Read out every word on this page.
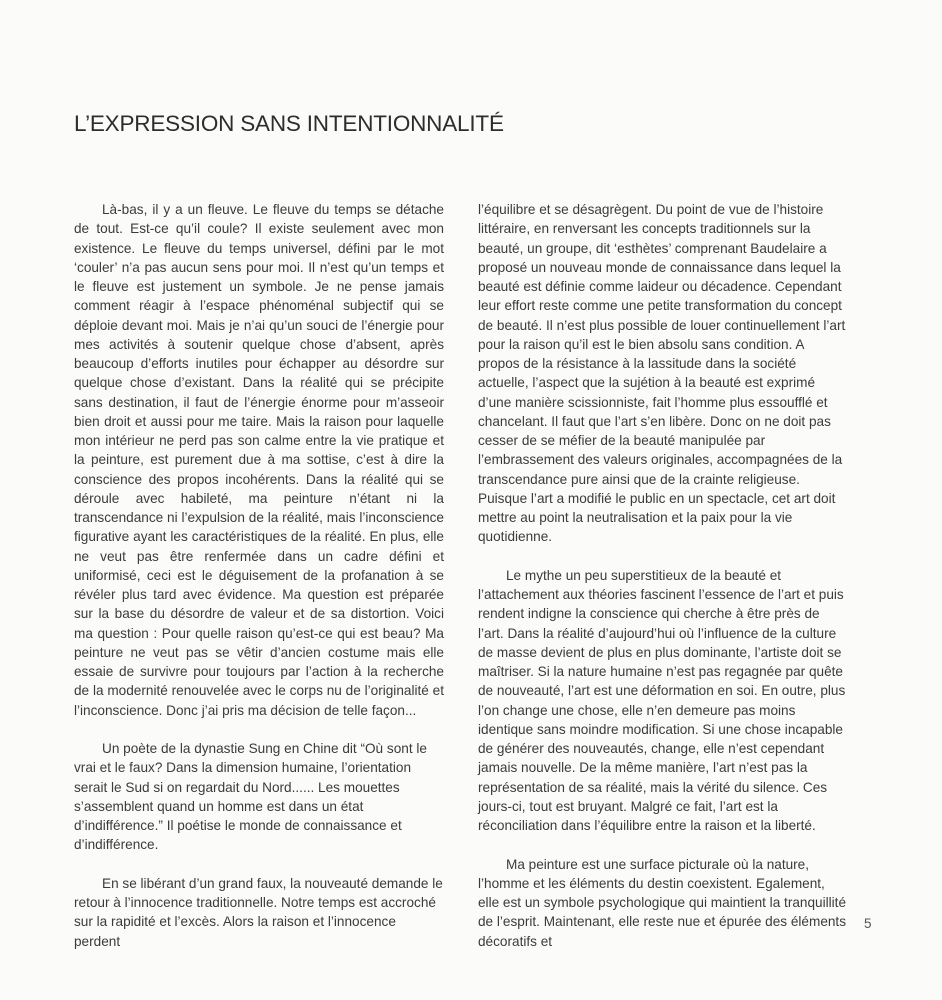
L’EXPRESSION SANS INTENTIONNALITÉ

Là-bas, il y a un fleuve. Le fleuve du temps se détache de tout. Est-ce qu’il coule? Il existe seulement avec mon existence. Le fleuve du temps universel, défini par le mot ‘couler’ n’a pas aucun sens pour moi. Il n’est qu’un temps et le fleuve est justement un symbole. Je ne pense jamais comment réagir à l’espace phénoménal subjectif qui se déploie devant moi. Mais je n’ai qu’un souci de l’énergie pour mes activités à soutenir quelque chose d’absent, après beaucoup d’efforts inutiles pour échapper au désordre sur quelque chose d’existant. Dans la réalité qui se précipite sans destination, il faut de l’énergie énorme pour m’asseoir bien droit et aussi pour me taire. Mais la raison pour laquelle mon intérieur ne perd pas son calme entre la vie pratique et la peinture, est purement due à ma sottise, c’est à dire la conscience des propos incohérents. Dans la réalité qui se déroule avec habileté, ma peinture n’étant ni la transcendance ni l’expulsion de la réalité, mais l’inconscience figurative ayant les caractéristiques de la réalité. En plus, elle ne veut pas être renfermée dans un cadre défini et uniformisé, ceci est le déguisement de la profanation à se révéler plus tard avec évidence. Ma question est préparée sur la base du désordre de valeur et de sa distortion. Voici ma question : Pour quelle raison qu’est-ce qui est beau? Ma peinture ne veut pas se vêtir d’ancien costume mais elle essaie de survivre pour toujours par l’action à la recherche de la modernité renouvelée avec le corps nu de l’originalité et l’inconscience. Donc j’ai pris ma décision de telle façon...

Un poète de la dynastie Sung en Chine dit “Où sont le vrai et le faux? Dans la dimension humaine, l’orientation serait le Sud si on regardait du Nord...... Les mouettes s’assemblent quand un homme est dans un état d’indifférence.” Il poétise le monde de connaissance et d’indifférence.

En se libérant d’un grand faux, la nouveauté demande le retour à l’innocence traditionnelle. Notre temps est accroché sur la rapidité et l’excès. Alors la raison et l’innocence perdent

l’équilibre et se désagrègent. Du point de vue de l’histoire littéraire, en renversant les concepts traditionnels sur la beauté, un groupe, dit ‘esthètes’ comprenant Baudelaire a proposé un nouveau monde de connaissance dans lequel la beauté est définie comme laideur ou décadence. Cependant leur effort reste comme une petite transformation du concept de beauté. Il n’est plus possible de louer continuellement l’art pour la raison qu’il est le bien absolu sans condition. A propos de la résistance à la lassitude dans la société actuelle, l’aspect que la sujétion à la beauté est exprimé d’une manière scissionniste, fait l’homme plus essoufflé et chancelant. Il faut que l’art s’en libère. Donc on ne doit pas cesser de se méfier de la beauté manipulée par l’embrassement des valeurs originales, accompagnées de la transcendance pure ainsi que de la crainte religieuse. Puisque l’art a modifié le public en un spectacle, cet art doit mettre au point la neutralisation et la paix pour la vie quotidienne.

Le mythe un peu superstitieux de la beauté et l’attachement aux théories fascinent l’essence de l’art et puis rendent indigne la conscience qui cherche à être près de l’art. Dans la réalité d’aujourd’hui où l’influence de la culture de masse devient de plus en plus dominante, l’artiste doit se maîtriser. Si la nature humaine n’est pas regagnée par quête de nouveauté, l’art est une déformation en soi. En outre, plus l’on change une chose, elle n’en demeure pas moins identique sans moindre modification. Si une chose incapable de générer des nouveautés, change, elle n’est cependant jamais nouvelle. De la même manière, l’art n’est pas la représentation de sa réalité, mais la vérité du silence. Ces jours-ci, tout est bruyant. Malgré ce fait, l’art est la réconciliation dans l’équilibre entre la raison et la liberté.

Ma peinture est une surface picturale où la nature, l’homme et les éléments du destin coexistent. Egalement, elle est un symbole psychologique qui maintient la tranquillité de l’esprit. Maintenant, elle reste nue et épurée des éléments décoratifs et

5
